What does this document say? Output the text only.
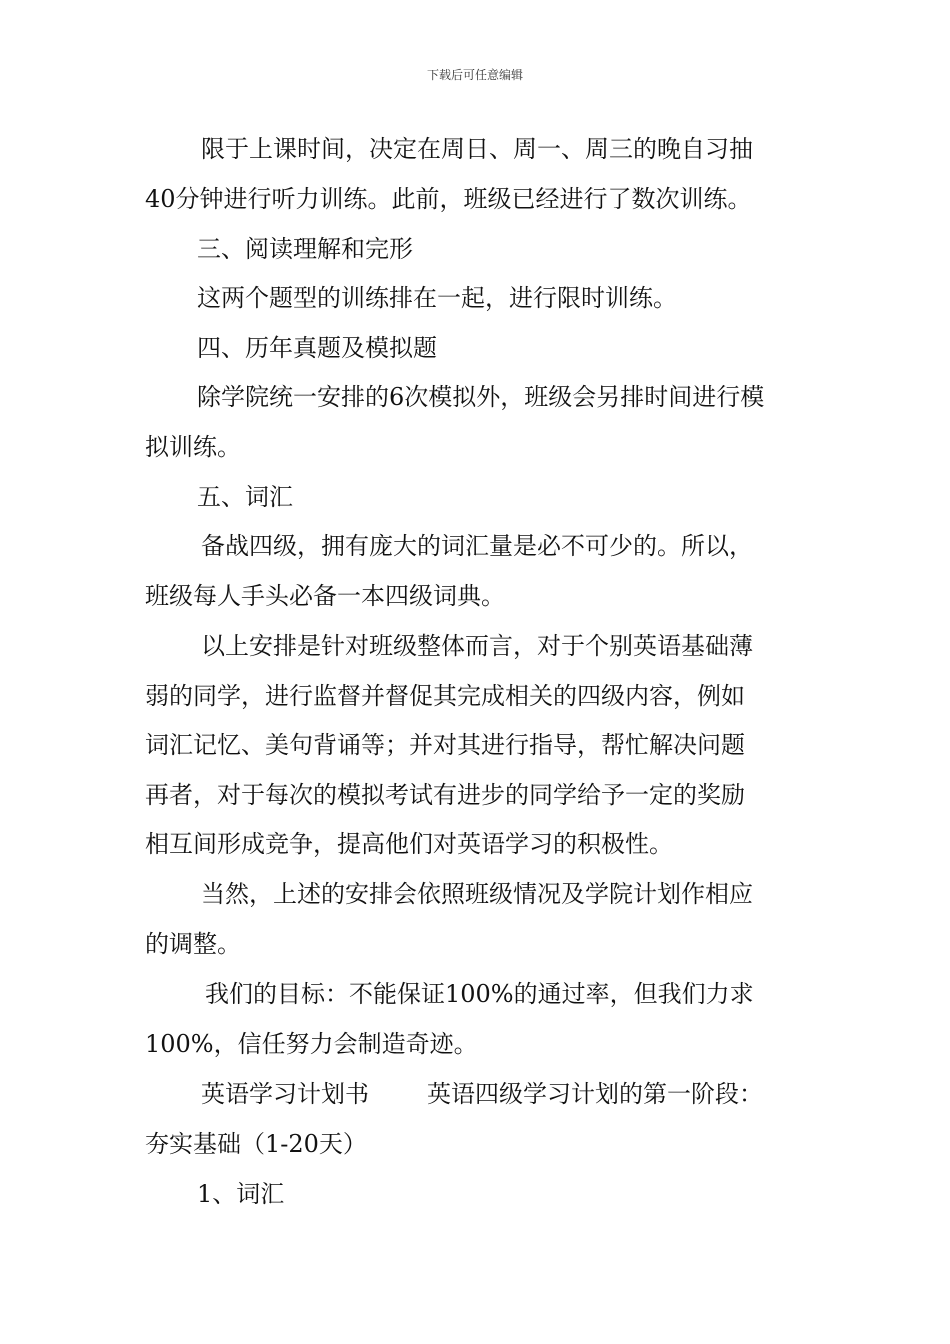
下载后可任意编辑
限于上课时间，决定在周日、周一、周三的晚自习抽
40分钟进行听力训练。此前，班级已经进行了数次训练。
三、阅读理解和完形
这两个题型的训练排在一起，进行限时训练。
四、历年真题及模拟题
除学院统一安排的6次模拟外，班级会另排时间进行模
拟训练。
五、词汇
备战四级，拥有庞大的词汇量是必不可少的。所以，
班级每人手头必备一本四级词典。
以上安排是针对班级整体而言，对于个别英语基础薄
弱的同学，进行监督并督促其完成相关的四级内容，例如
词汇记忆、美句背诵等；并对其进行指导，帮忙解决问题
再者，对于每次的模拟考试有进步的同学给予一定的奖励
相互间形成竞争，提高他们对英语学习的积极性。
当然，上述的安排会依照班级情况及学院计划作相应
的调整。
我们的目标：不能保证100%的通过率，但我们力求
100%，信任努力会制造奇迹。
英语学习计划书 英语四级学习计划的第一阶段：
夯实基础（1-20天）
1、词汇
